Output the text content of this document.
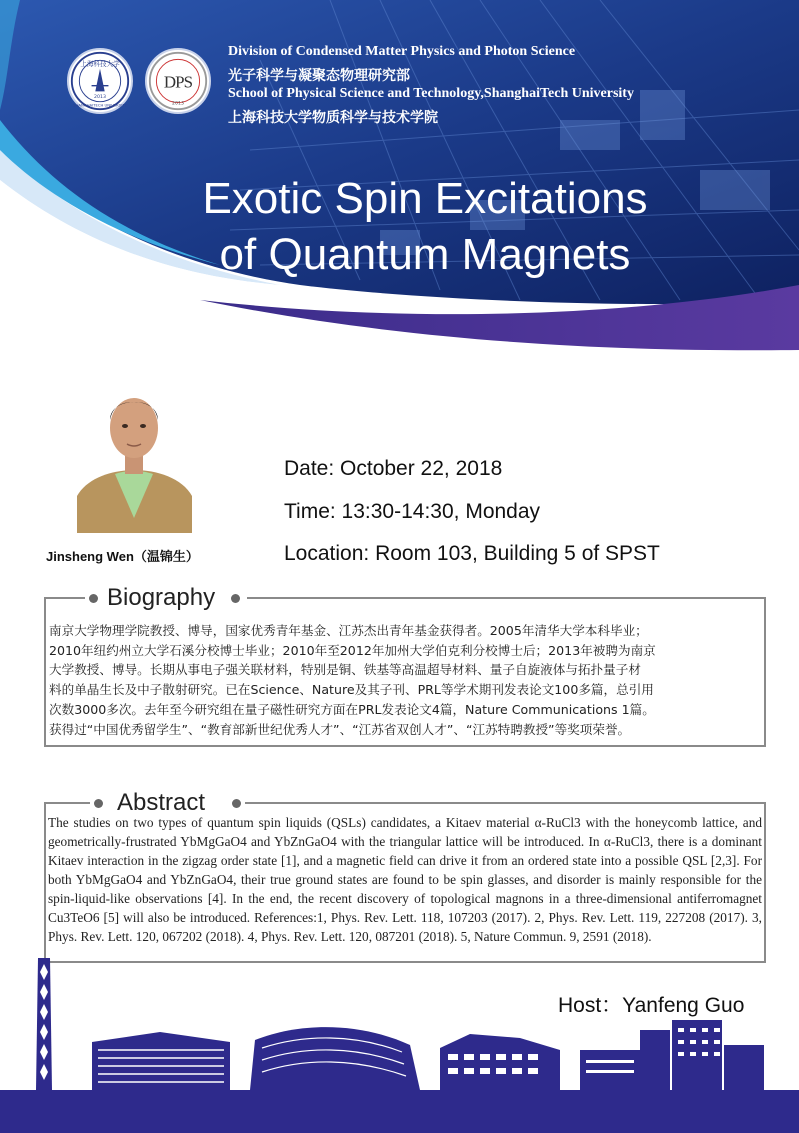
上海科技大学
SHANGHAITECH UNIVERSITY
2013
DPS
2013
Division of Condensed Matter Physics and Photon Science
光子科学与凝聚态物理研究部
School of Physical Science and Technology,ShanghaiTech University
上海科技大学物质科学与技术学院
Exotic Spin Excitations
of Quantum Magnets
Jinsheng Wen（温锦生）
Date: October 22, 2018
Time: 13:30-14:30, Monday
Location: Room 103, Building 5 of SPST
Biography
南京大学物理学院教授、博导，国家优秀青年基金、江苏杰出青年基金获得者。2005年清华大学本科毕业；
2010年纽约州立大学石溪分校博士毕业；2010年至2012年加州大学伯克利分校博士后；2013年被聘为南京
大学教授、博导。长期从事电子强关联材料，特别是铜、铁基等高温超导材料、量子自旋液体与拓扑量子材
料的单晶生长及中子散射研究。已在Science、Nature及其子刊、PRL等学术期刊发表论文100多篇，总引用
次数3000多次。去年至今研究组在量子磁性研究方面在PRL发表论文4篇，Nature Communications 1篇。
获得过“中国优秀留学生”、“教育部新世纪优秀人才”、“江苏省双创人才”、“江苏特聘教授”等奖项荣誉。
Abstract
The studies on two types of quantum spin liquids (QSLs) candidates, a Kitaev material α-RuCl3 with the honeycomb lattice, and geometrically-frustrated YbMgGaO4 and YbZnGaO4 with the triangular lattice will be introduced. In α-RuCl3, there is a dominant Kitaev interaction in the zigzag order state [1], and a magnetic field can drive it from an ordered state into a possible QSL [2,3]. For both YbMgGaO4 and YbZnGaO4, their true ground states are found to be spin glasses, and disorder is mainly responsible for the spin-liquid-like observations [4]. In the end, the recent discovery of topological magnons in a three-dimensional antiferromagnet Cu3TeO6 [5] will also be introduced. References:1, Phys. Rev. Lett. 118, 107203 (2017). 2, Phys. Rev. Lett. 119, 227208 (2017). 3, Phys. Rev. Lett. 120, 067202 (2018). 4, Phys. Rev. Lett. 120, 087201 (2018). 5, Nature Commun. 9, 2591 (2018).
Host：Yanfeng Guo
